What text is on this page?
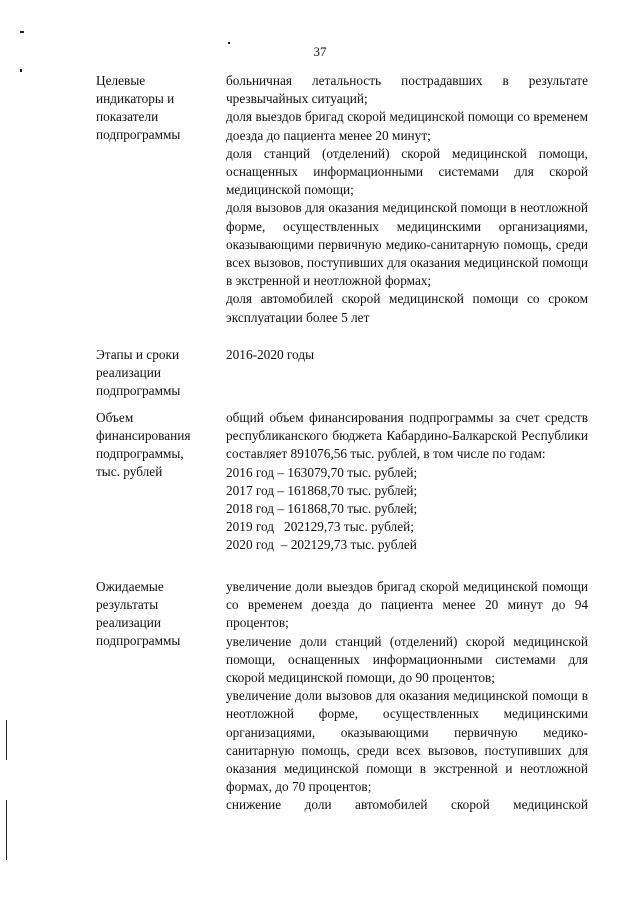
37
Целевые
индикаторы и
показатели
подпрограммы
больничная летальность пострадавших в результате чрезвычайных ситуаций;
доля выездов бригад скорой медицинской помощи со временем доезда до пациента менее 20 минут;
доля станций (отделений) скорой медицинской помощи, оснащенных информационными системами для скорой медицинской помощи;
доля вызовов для оказания медицинской помощи в неотложной форме, осуществленных медицинскими организациями, оказывающими первичную медико-санитарную помощь, среди всех вызовов, поступивших для оказания медицинской помощи в экстренной и неотложной формах;
доля автомобилей скорой медицинской помощи со сроком эксплуатации более 5 лет
Этапы и сроки
реализации
подпрограммы
2016-2020 годы
Объем
финансирования
подпрограммы,
тыс. рублей
общий объем финансирования подпрограммы за счет средств республиканского бюджета Кабардино-Балкарской Республики составляет 891076,56 тыс. рублей, в том числе по годам:
2016 год – 163079,70 тыс. рублей;
2017 год – 161868,70 тыс. рублей;
2018 год – 161868,70 тыс. рублей;
2019 год   202129,73 тыс. рублей;
2020 год  – 202129,73 тыс. рублей
Ожидаемые
результаты
реализации
подпрограммы
увеличение доли выездов бригад скорой медицинской помощи со временем доезда до пациента менее 20 минут до 94 процентов;
увеличение доли станций (отделений) скорой медицинской помощи, оснащенных информационными системами для скорой медицинской помощи, до 90 процентов;
увеличение доли вызовов для оказания медицинской помощи в неотложной форме, осуществленных медицинскими организациями, оказывающими первичную медико-санитарную помощь, среди всех вызовов, поступивших для оказания медицинской помощи в экстренной и неотложной формах, до 70 процентов;
снижение доли автомобилей скорой медицинской
